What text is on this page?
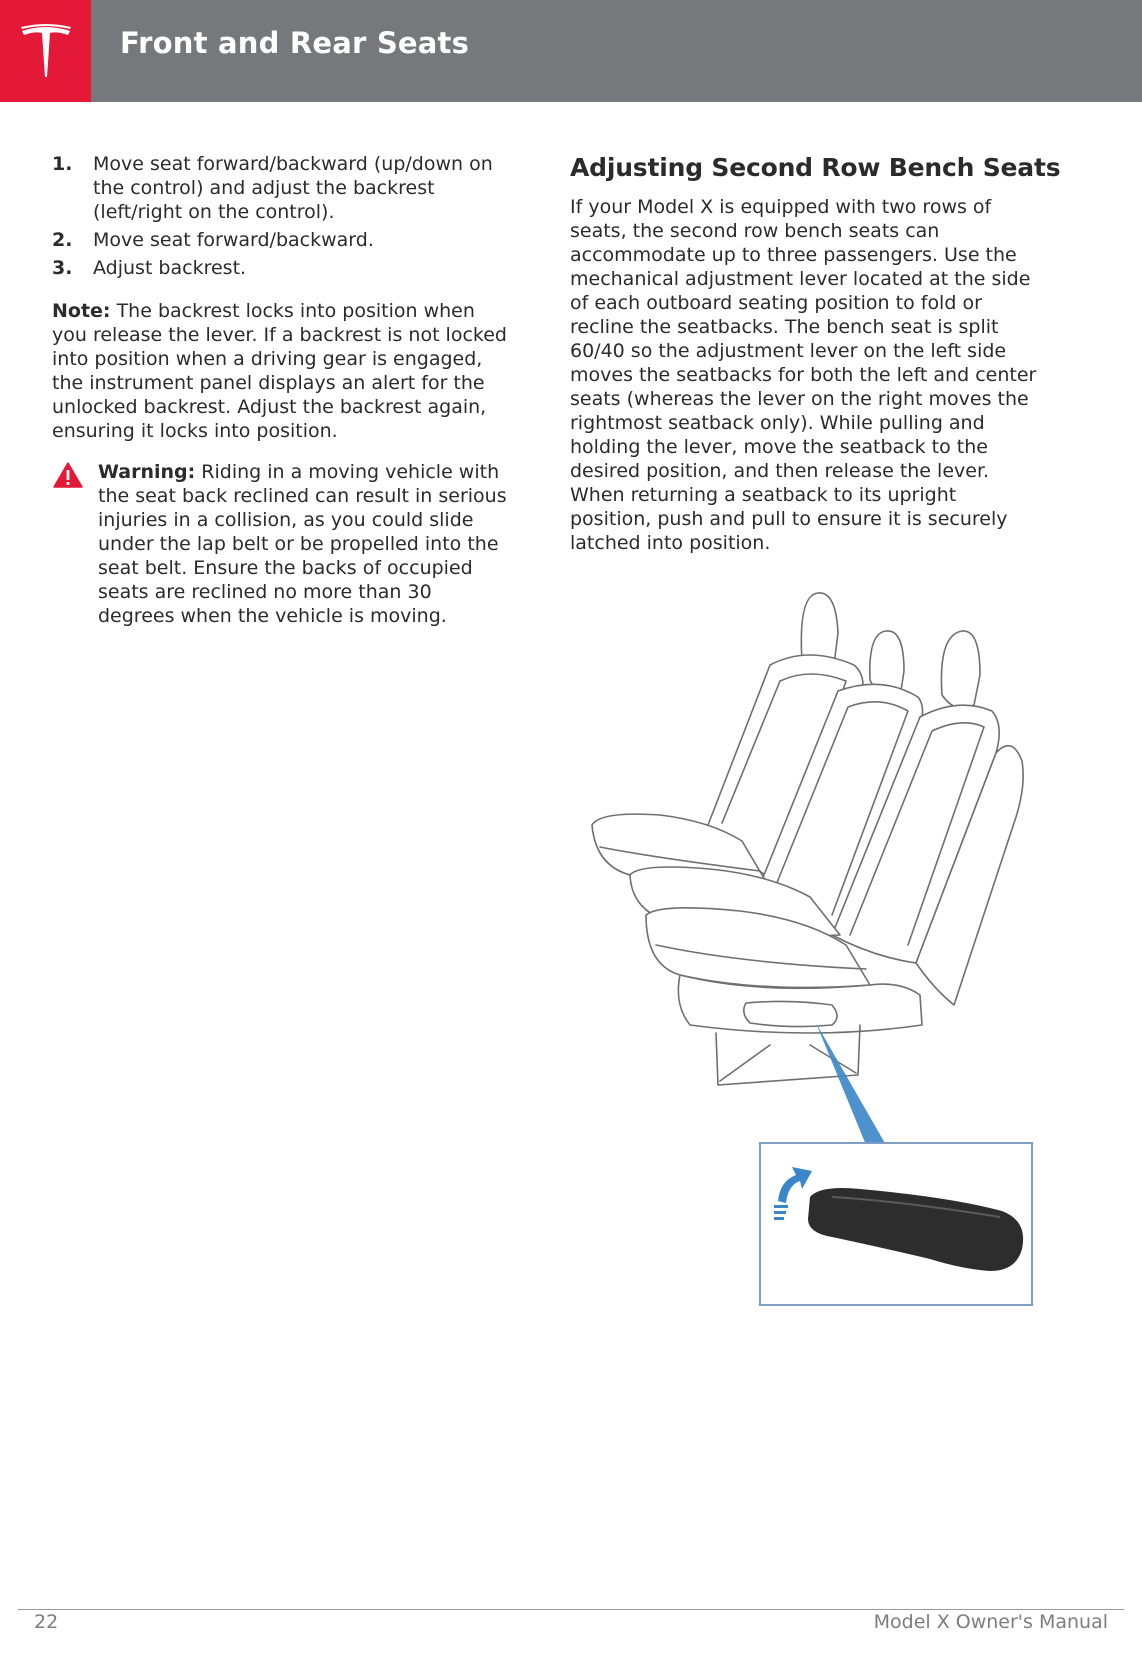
Front and Rear Seats
1.	Move seat forward/backward (up/down on the control) and adjust the backrest (left/right on the control).
2.	Move seat forward/backward.
3.	Adjust backrest.

Note: The backrest locks into position when you release the lever. If a backrest is not locked into position when a driving gear is engaged, the instrument panel displays an alert for the unlocked backrest. Adjust the backrest again, ensuring it locks into position.

Warning: Riding in a moving vehicle with the seat back reclined can result in serious injuries in a collision, as you could slide under the lap belt or be propelled into the seat belt. Ensure the backs of occupied seats are reclined no more than 30 degrees when the vehicle is moving.

Adjusting Second Row Bench Seats

If your Model X is equipped with two rows of seats, the second row bench seats can accommodate up to three passengers. Use the mechanical adjustment lever located at the side of each outboard seating position to fold or recline the seatbacks. The bench seat is split 60/40 so the adjustment lever on the left side moves the seatbacks for both the left and center seats (whereas the lever on the right moves the rightmost seatback only). While pulling and holding the lever, move the seatback to the desired position, and then release the lever. When returning a seatback to its upright position, push and pull to ensure it is securely latched into position.

22	Model X Owner's Manual
